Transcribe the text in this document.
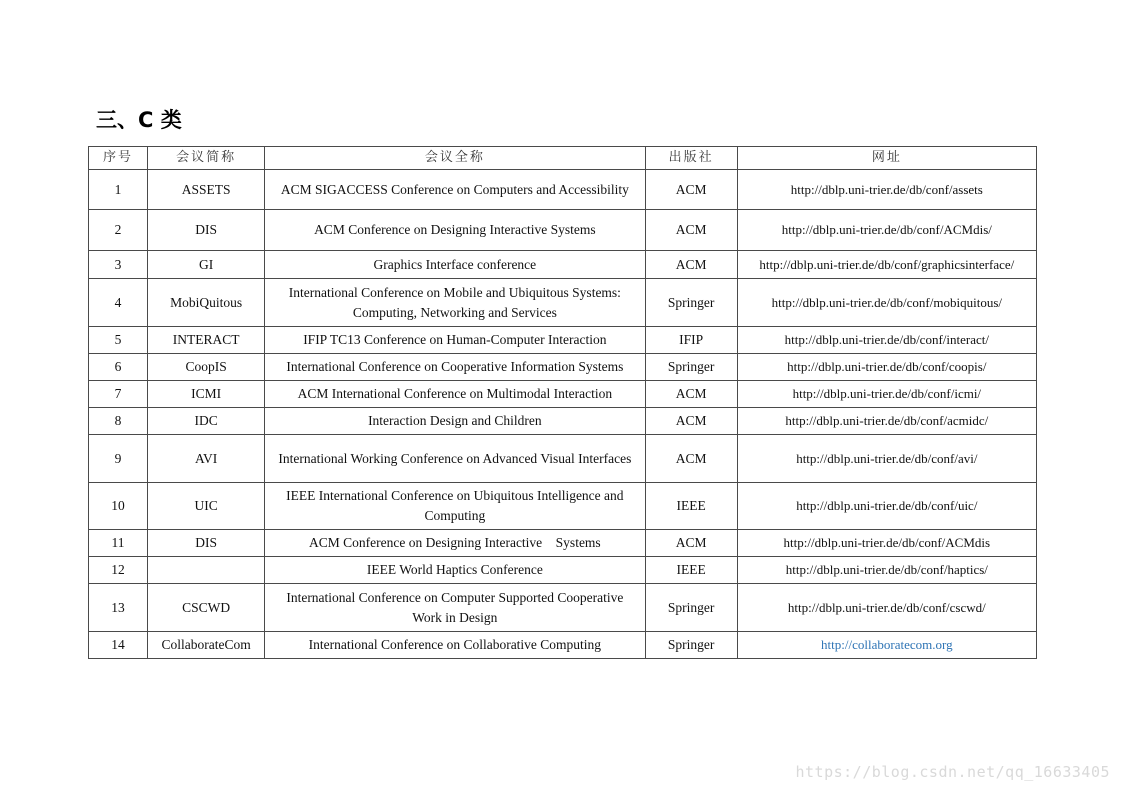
三、C 类
序号	会议简称	会议全称	出版社	网址
1	ASSETS	ACM SIGACCESS Conference on Computers and Accessibility	ACM	http://dblp.uni-trier.de/db/conf/assets
2	DIS	ACM Conference on Designing Interactive Systems	ACM	http://dblp.uni-trier.de/db/conf/ACMdis/
3	GI	Graphics Interface conference	ACM	http://dblp.uni-trier.de/db/conf/graphicsinterface/
4	MobiQuitous	International Conference on Mobile and Ubiquitous Systems: Computing, Networking and Services	Springer	http://dblp.uni-trier.de/db/conf/mobiquitous/
5	INTERACT	IFIP TC13 Conference on Human-Computer Interaction	IFIP	http://dblp.uni-trier.de/db/conf/interact/
6	CoopIS	International Conference on Cooperative Information Systems	Springer	http://dblp.uni-trier.de/db/conf/coopis/
7	ICMI	ACM International Conference on Multimodal Interaction	ACM	http://dblp.uni-trier.de/db/conf/icmi/
8	IDC	Interaction Design and Children	ACM	http://dblp.uni-trier.de/db/conf/acmidc/
9	AVI	International Working Conference on Advanced Visual Interfaces	ACM	http://dblp.uni-trier.de/db/conf/avi/
10	UIC	IEEE International Conference on Ubiquitous Intelligence and Computing	IEEE	http://dblp.uni-trier.de/db/conf/uic/
11	DIS	ACM Conference on Designing Interactive    Systems	ACM	http://dblp.uni-trier.de/db/conf/ACMdis
12		IEEE World Haptics Conference	IEEE	http://dblp.uni-trier.de/db/conf/haptics/
13	CSCWD	International Conference on Computer Supported Cooperative Work in Design	Springer	http://dblp.uni-trier.de/db/conf/cscwd/
14	CollaborateCom	International Conference on Collaborative Computing	Springer	http://collaboratecom.org
https://blog.csdn.net/qq_16633405
